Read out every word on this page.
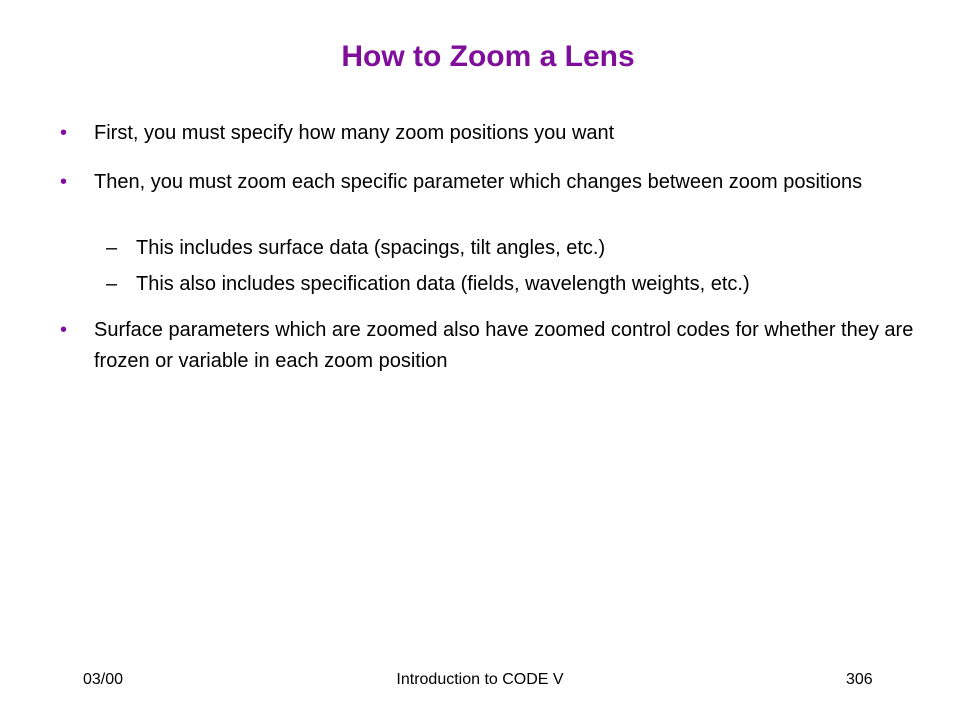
How to Zoom a Lens
• First, you must specify how many zoom positions you want
• Then, you must zoom each specific parameter which changes between zoom positions
– This includes surface data (spacings, tilt angles, etc.)
– This also includes specification data (fields, wavelength weights, etc.)
• Surface parameters which are zoomed also have zoomed control codes for whether they are frozen or variable in each zoom position
03/00	Introduction to CODE V	306
